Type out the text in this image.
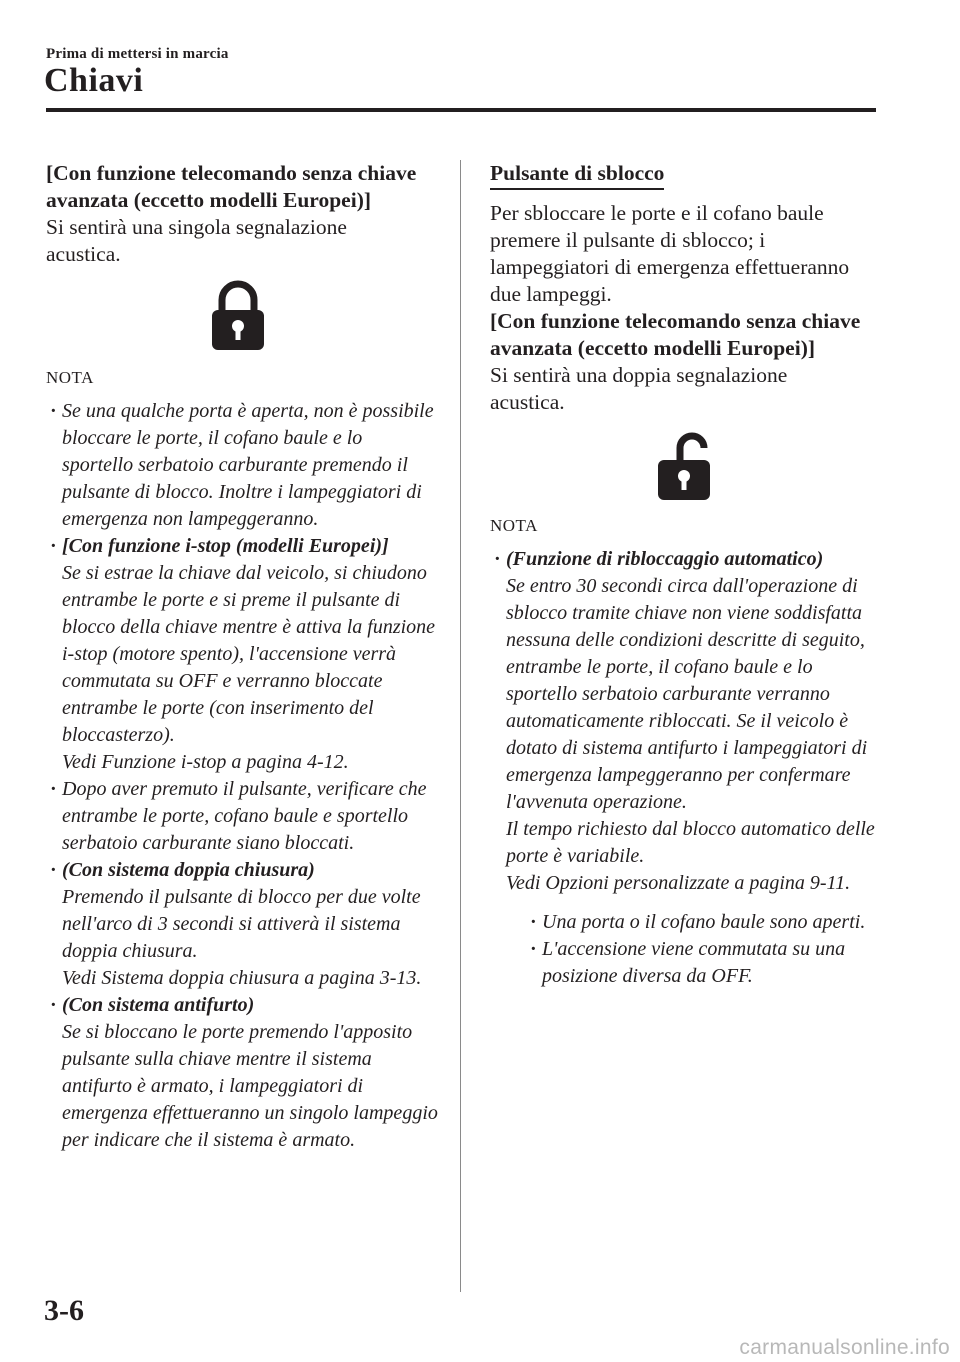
Prima di mettersi in marcia
Chiavi
[Con funzione telecomando senza chiave
avanzata (eccetto modelli Europei)]
Si sentirà una singola segnalazione acustica.
NOTA
· Se una qualche porta è aperta, non è possibile bloccare le porte, il cofano baule e lo sportello serbatoio carburante premendo il pulsante di blocco. Inoltre i lampeggiatori di emergenza non lampeggeranno.
· [Con funzione i-stop (modelli Europei)]
Se si estrae la chiave dal veicolo, si chiudono entrambe le porte e si preme il pulsante di blocco della chiave mentre è attiva la funzione i-stop (motore spento), l'accensione verrà commutata su OFF e verranno bloccate entrambe le porte (con inserimento del bloccasterzo).
Vedi Funzione i-stop a pagina 4-12.
· Dopo aver premuto il pulsante, verificare che entrambe le porte, cofano baule e sportello serbatoio carburante siano bloccati.
· (Con sistema doppia chiusura)
Premendo il pulsante di blocco per due volte nell'arco di 3 secondi si attiverà il sistema doppia chiusura.
Vedi Sistema doppia chiusura a pagina 3-13.
· (Con sistema antifurto)
Se si bloccano le porte premendo l'apposito pulsante sulla chiave mentre il sistema antifurto è armato, i lampeggiatori di emergenza effettueranno un singolo lampeggio per indicare che il sistema è armato.
Pulsante di sblocco
Per sbloccare le porte e il cofano baule premere il pulsante di sblocco; i lampeggiatori di emergenza effettueranno due lampeggi.
[Con funzione telecomando senza chiave
avanzata (eccetto modelli Europei)]
Si sentirà una doppia segnalazione acustica.
NOTA
· (Funzione di ribloccaggio automatico)
Se entro 30 secondi circa dall'operazione di sblocco tramite chiave non viene soddisfatta nessuna delle condizioni descritte di seguito, entrambe le porte, il cofano baule e lo sportello serbatoio carburante verranno automaticamente ribloccati. Se il veicolo è dotato di sistema antifurto i lampeggiatori di emergenza lampeggeranno per confermare l'avvenuta operazione.
Il tempo richiesto dal blocco automatico delle porte è variabile.
Vedi Opzioni personalizzate a pagina 9-11.
· Una porta o il cofano baule sono aperti.
· L'accensione viene commutata su una posizione diversa da OFF.
3-6
carmanualsonline.info
